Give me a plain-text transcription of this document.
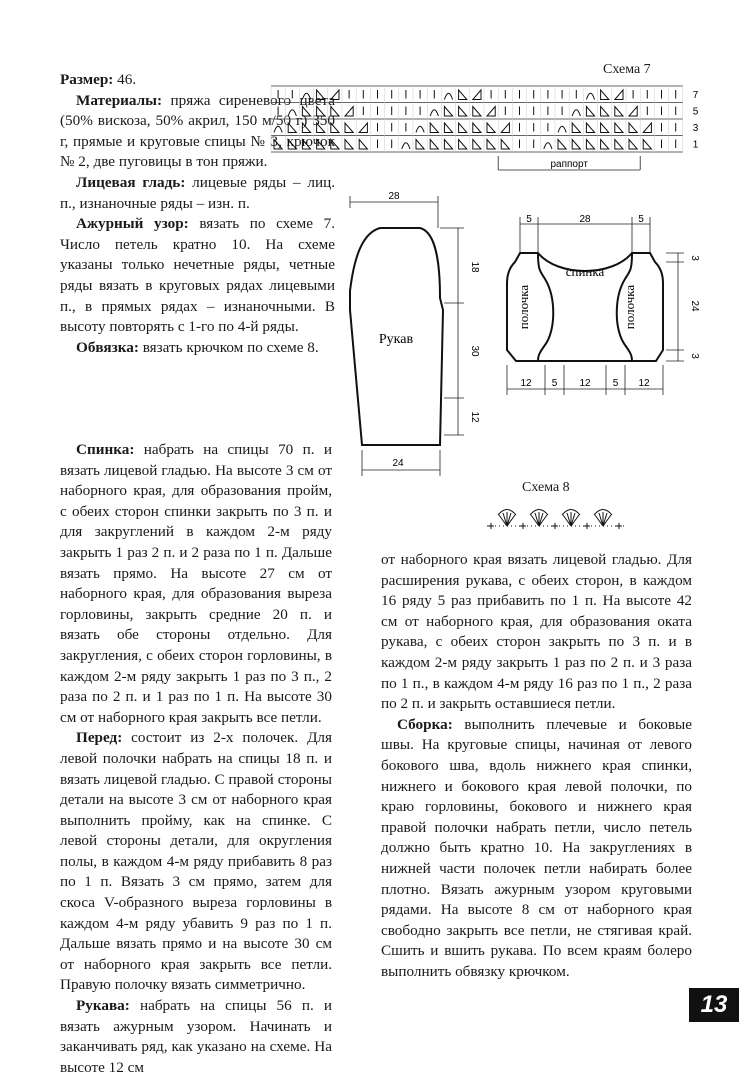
Размер: 46.

Материалы: пряжа сиреневого цвета (50% вискоза, 50% акрил, 150 м/50 г) 350 г, прямые и круговые спицы № 3, крючок № 2, две пуговицы в тон пряжи.

Лицевая гладь: лицевые ряды – лиц. п., изнаночные ряды – изн. п.

Ажурный узор: вязать по схеме 7. Число петель кратно 10. На схеме указаны только нечетные ряды, четные ряды вязать в круговых рядах лицевыми п., в прямых рядах – изнаночными. В высоту повторять с 1-го по 4-й ряды.

Обвязка: вязать крючком по схеме 8.

Спинка: набрать на спицы 70 п. и вязать лицевой гладью. На высоте 3 см от наборного края, для образования пройм, с обеих сторон спинки закрыть по 3 п. и для закруглений в каждом 2-м ряду закрыть 1 раз 2 п. и 2 раза по 1 п. Дальше вязать прямо. На высоте 27 см от наборного края, для образования выреза горловины, закрыть средние 20 п. и вязать обе стороны отдельно. Для закругления, с обеих сторон горловины, в каждом 2-м ряду закрыть 1 раз по 3 п., 2 раза по 2 п. и 1 раз по 1 п. На высоте 30 см от наборного края закрыть все петли.

Перед: состоит из 2-х полочек. Для левой полочки набрать на спицы 18 п. и вязать лицевой гладью. С правой стороны детали на высоте 3 см от наборного края выполнить пройму, как на спинке. С левой стороны детали, для округления полы, в каждом 4-м ряду прибавить 8 раз по 1 п. Вязать 3 см прямо, затем для скоса V-образного выреза горловины в каждом 4-м ряду убавить 9 раз по 1 п. Дальше вязать прямо и на высоте 30 см от наборного края закрыть все петли. Правую полочку вязать симметрично.

Рукава: набрать на спицы 56 п. и вязать ажурным узором. Начинать и заканчивать ряд, как указано на схеме. На высоте 12 см

от наборного края вязать лицевой гладью. Для расширения рукава, с обеих сторон, в каждом 16 ряду 5 раз прибавить по 1 п. На высоте 42 см от наборного края, для образования оката рукава, с обеих сторон закрыть по 3 п. и в каждом 2-м ряду закрыть 1 раз по 2 п. и 3 раза по 1 п., в каждом 4-м ряду 16 раз по 1 п., 2 раза по 2 п. и закрыть оставшиеся петли.

Сборка: выполнить плечевые и боковые швы. На круговые спицы, начиная от левого бокового шва, вдоль нижнего края спинки, нижнего и бокового края левой полочки, по краю горловины, бокового и нижнего края правой полочки набрать петли, число петель должно быть кратно 10. На закруглениях в нижней части полочек петли набирать более плотно. Вязать ажурным узором круговыми рядами. На высоте 8 см от наборного края свободно закрыть все петли, не стягивая край. Сшить и вшить рукава. По всем краям болеро выполнить обвязку крючком.

Схема 7
7
5
3
1
раппорт
28
18
30
12
24
Рукав
5	28	5
спинка
полочка	полочка
3
24
3
12 5 12 5 12
Схема 8
13
